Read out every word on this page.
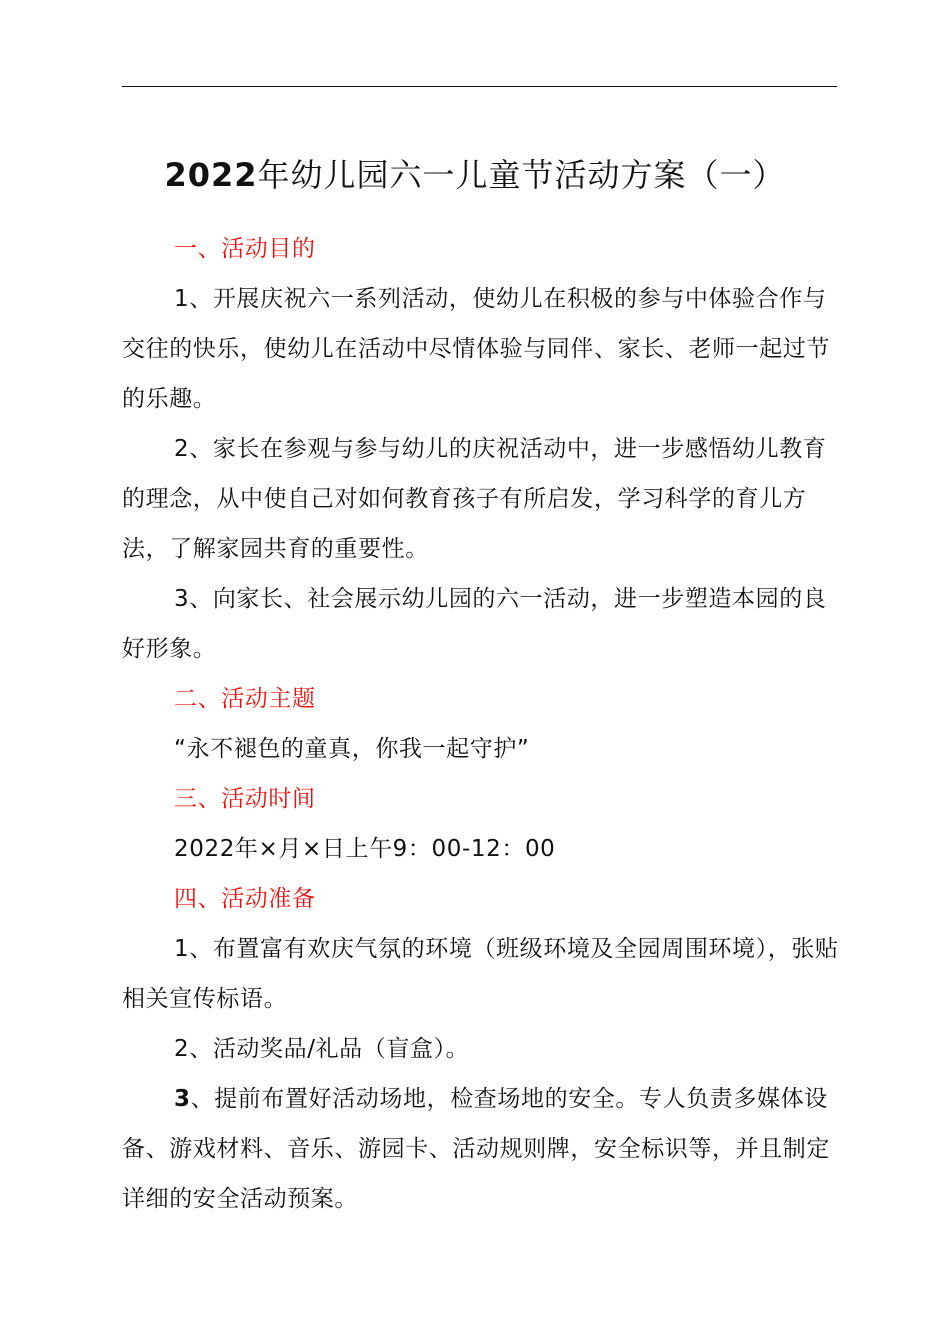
2022年幼儿园六一儿童节活动方案（一）

一、活动目的

1、开展庆祝六一系列活动，使幼儿在积极的参与中体验合作与交往的快乐，使幼儿在活动中尽情体验与同伴、家长、老师一起过节的乐趣。

2、家长在参观与参与幼儿的庆祝活动中，进一步感悟幼儿教育的理念，从中使自己对如何教育孩子有所启发，学习科学的育儿方法，了解家园共育的重要性。

3、向家长、社会展示幼儿园的六一活动，进一步塑造本园的良好形象。

二、活动主题

“永不褪色的童真，你我一起守护”

三、活动时间

2022年×月×日上午9：00-12：00

四、活动准备

1、布置富有欢庆气氛的环境（班级环境及全园周围环境），张贴相关宣传标语。

2、活动奖品/礼品（盲盒）。

3、提前布置好活动场地，检查场地的安全。专人负责多媒体设备、游戏材料、音乐、游园卡、活动规则牌，安全标识等，并且制定详细的安全活动预案。
